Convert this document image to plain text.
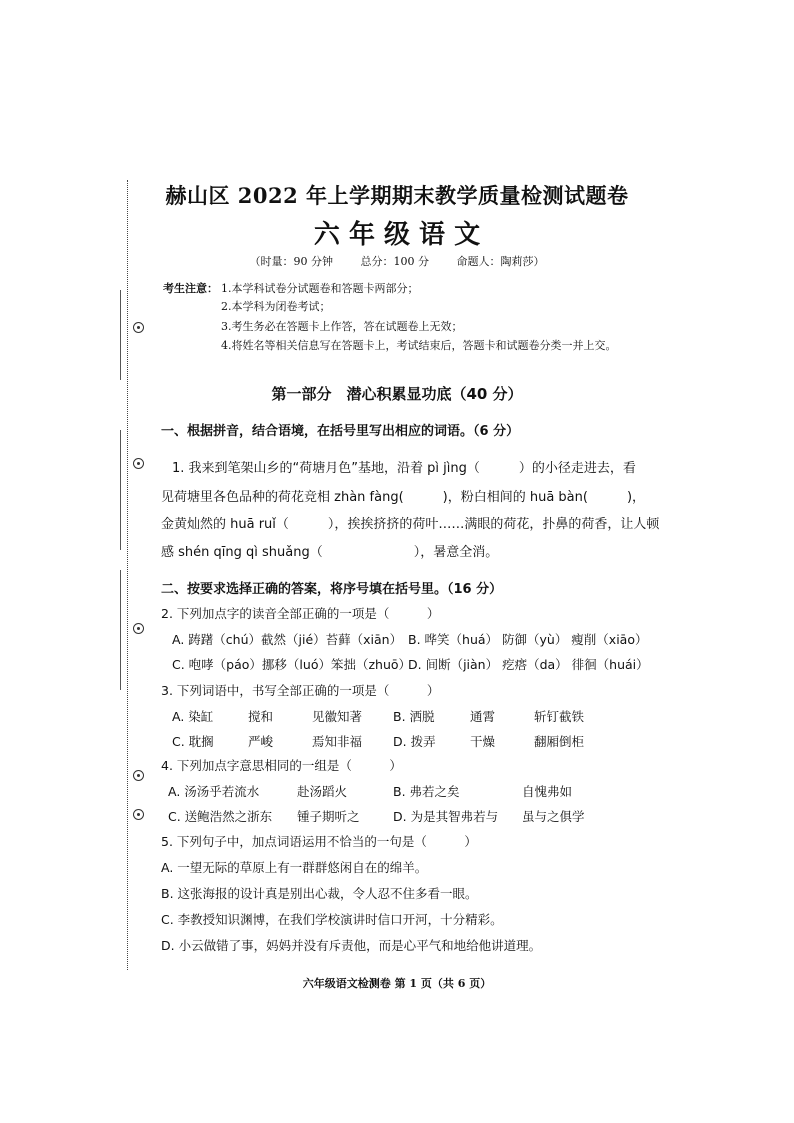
赫山区 2022 年上学期期末教学质量检测试题卷
六 年 级 语 文
（时量：90 分钟	总分：100 分	命题人：陶莉莎）
考生注意： 1.本学科试卷分试题卷和答题卡两部分；
2.本学科为闭卷考试；
3.考生务必在答题卡上作答，答在试题卷上无效；
4.将姓名等相关信息写在答题卡上，考试结束后，答题卡和试题卷分类一并上交。
第一部分　潜心积累显功底（40 分）
一、根据拼音，结合语境，在括号里写出相应的词语。（6 分）
1. 我来到笔架山乡的“荷塘月色”基地，沿着 pì jìng（　　　）的小径走进去，看
见荷塘里各色品种的荷花竞相 zhàn fàng(　　　)，粉白相间的 huā bàn(　　　)，
金黄灿然的 huā ruǐ（　　　），挨挨挤挤的荷叶……满眼的荷花，扑鼻的荷香，让人顿
感 shén qīng qì shuǎng（　　　　　　　），暑意全消。
二、按要求选择正确的答案，将序号填在括号里。（16 分）
2. 下列加点字的读音全部正确的一项是（　　　）
A. 踌躇（chú）截然（jié）苔藓（xiān） B. 哗笑（huá） 防御（yù） 瘦削（xiāo）
C. 咆哮（páo）挪移（luó）笨拙（zhuō）
D. 间断（jiàn） 疙瘩（da） 徘徊（huái）
3. 下列词语中，书写全部正确的一项是（　　　）
A. 染缸	搅和	见徽知著 B. 洒脱	通霄	斩钉截铁
C. 耽搁	严峻	焉知非福 D. 拨弄	干燥	翻厢倒柜
4. 下列加点字意思相同的一组是（　　　）
A. 汤汤乎若流水	赴汤蹈火	B. 弗若之矣	自愧弗如
C. 送鲍浩然之浙东 锺子期听之	D. 为是其智弗若与 虽与之俱学
5. 下列句子中，加点词语运用不恰当的一句是（　　　）
A. 一望无际的草原上有一群群悠闲自在的绵羊。
B. 这张海报的设计真是别出心裁，令人忍不住多看一眼。
C. 李教授知识渊博，在我们学校演讲时信口开河，十分精彩。
D. 小云做错了事，妈妈并没有斥责他，而是心平气和地给他讲道理。
六年级语文检测卷 第 1 页（共 6 页）
